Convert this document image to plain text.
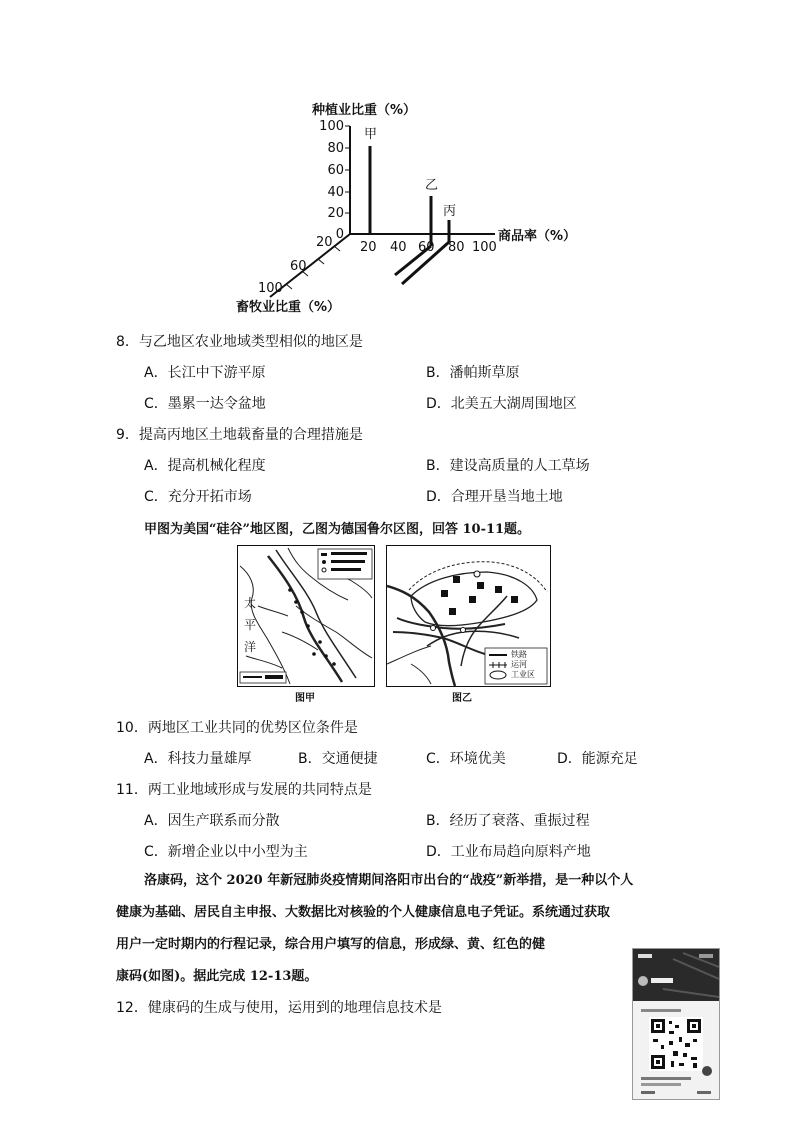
种植业比重（%）
100
80
60
40
20
0
20 40 60 80 100
商品率（%）
20
60
100
畜牧业比重（%）
甲
乙
丙
8．与乙地区农业地域类型相似的地区是
A．长江中下游平原	B．潘帕斯草原
C．墨累一达令盆地	D．北美五大湖周围地区
9．提高丙地区土地载畜量的合理措施是
A．提高机械化程度	B．建设高质量的人工草场
C．充分开拓市场	D．合理开垦当地土地
甲图为美国“硅谷”地区图，乙图为德国鲁尔区图，回答 10-11题。
太
平
洋
图甲
铁路
运河
工业区
图乙
10．两地区工业共同的优势区位条件是
A．科技力量雄厚	B．交通便捷	C．环境优美	D．能源充足
11．两工业地域形成与发展的共同特点是
A．因生产联系而分散	B．经历了衰落、重振过程
C．新增企业以中小型为主	D．工业布局趋向原料产地
洛康码，这个 2020 年新冠肺炎疫情期间洛阳市出台的“战疫”新举措，是一种以个人
健康为基础、居民自主申报、大数据比对核验的个人健康信息电子凭证。系统通过获取
用户一定时期内的行程记录，综合用户填写的信息，形成绿、黄、红色的健
康码(如图)。据此完成 12-13题。
12．健康码的生成与使用，运用到的地理信息技术是
